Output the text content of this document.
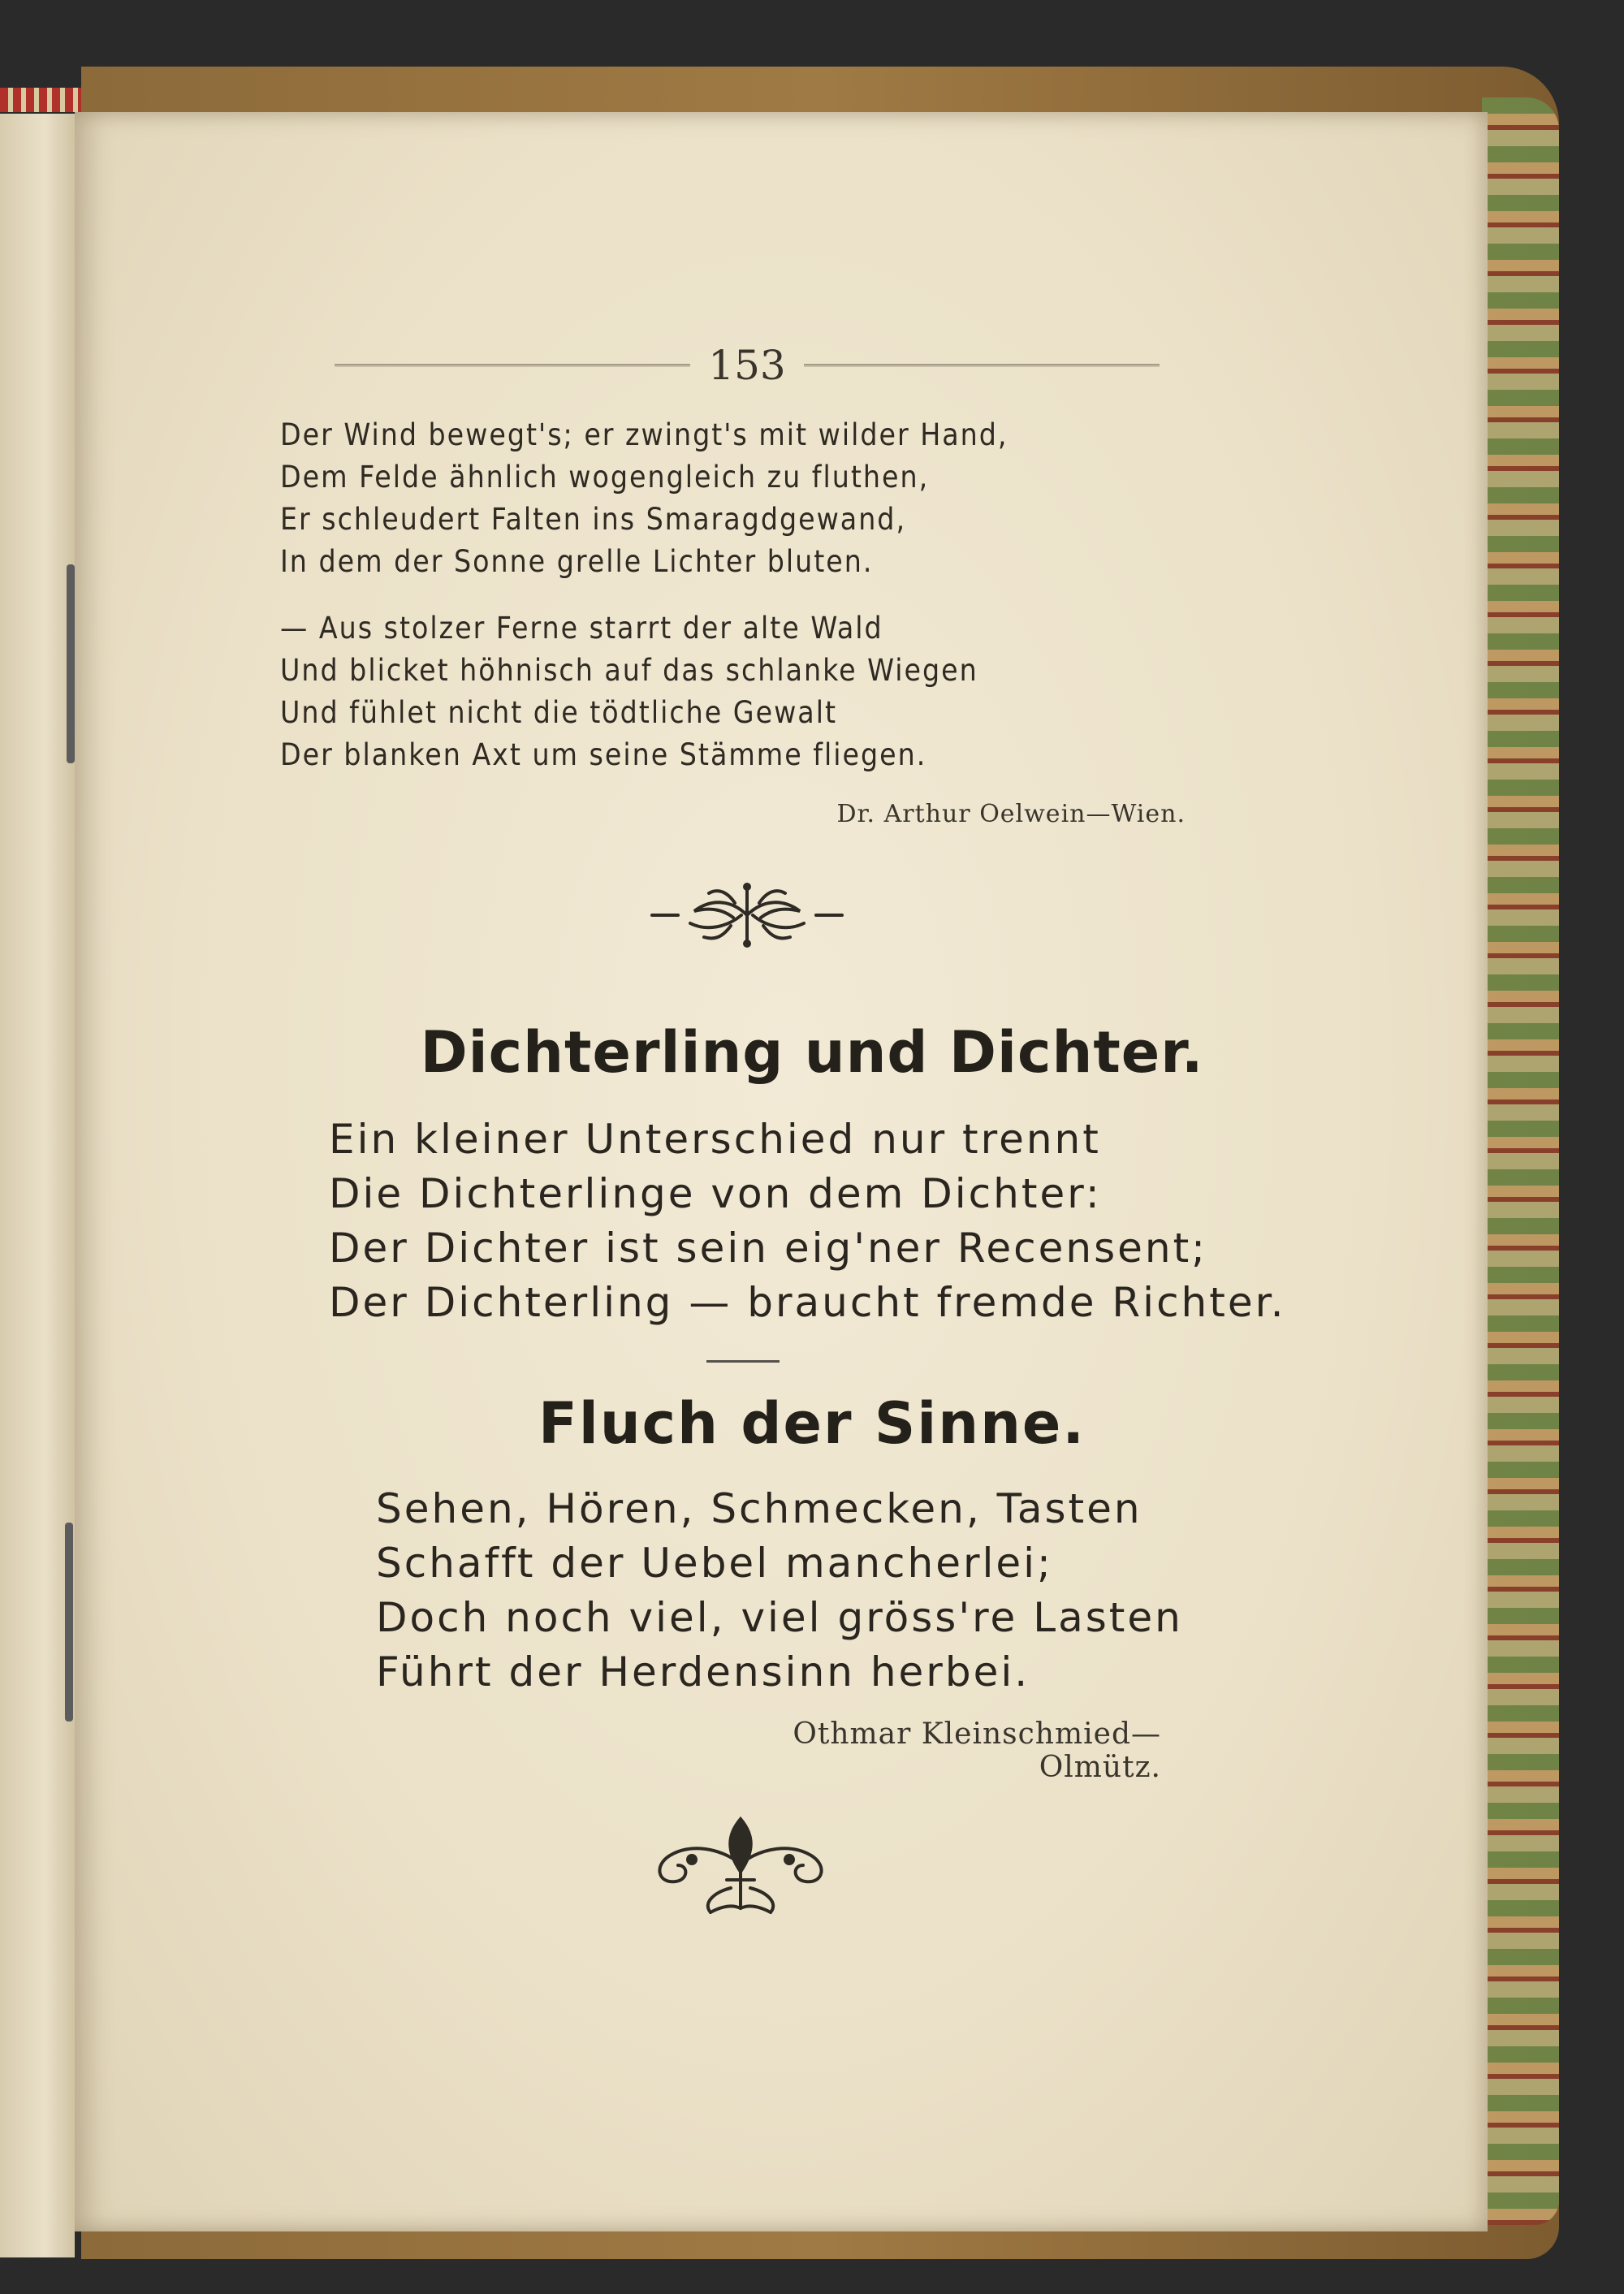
153
Der Wind bewegt's; er zwingt's mit wilder Hand,
Dem Felde ähnlich wogengleich zu fluthen,
Er schleudert Falten ins Smaragdgewand,
In dem der Sonne grelle Lichter bluten.
— Aus stolzer Ferne starrt der alte Wald
Und blicket höhnisch auf das schlanke Wiegen
Und fühlet nicht die tödtliche Gewalt
Der blanken Axt um seine Stämme fliegen.
Dr. Arthur Oelwein—Wien.
Dichterling und Dichter.
Ein kleiner Unterschied nur trennt
Die Dichterlinge von dem Dichter:
Der Dichter ist sein eig'ner Recensent;
Der Dichterling — braucht fremde Richter.
Fluch der Sinne.
Sehen, Hören, Schmecken, Tasten
Schafft der Uebel mancherlei;
Doch noch viel, viel gröss're Lasten
Führt der Herdensinn herbei.
Othmar Kleinschmied—Olmütz.
